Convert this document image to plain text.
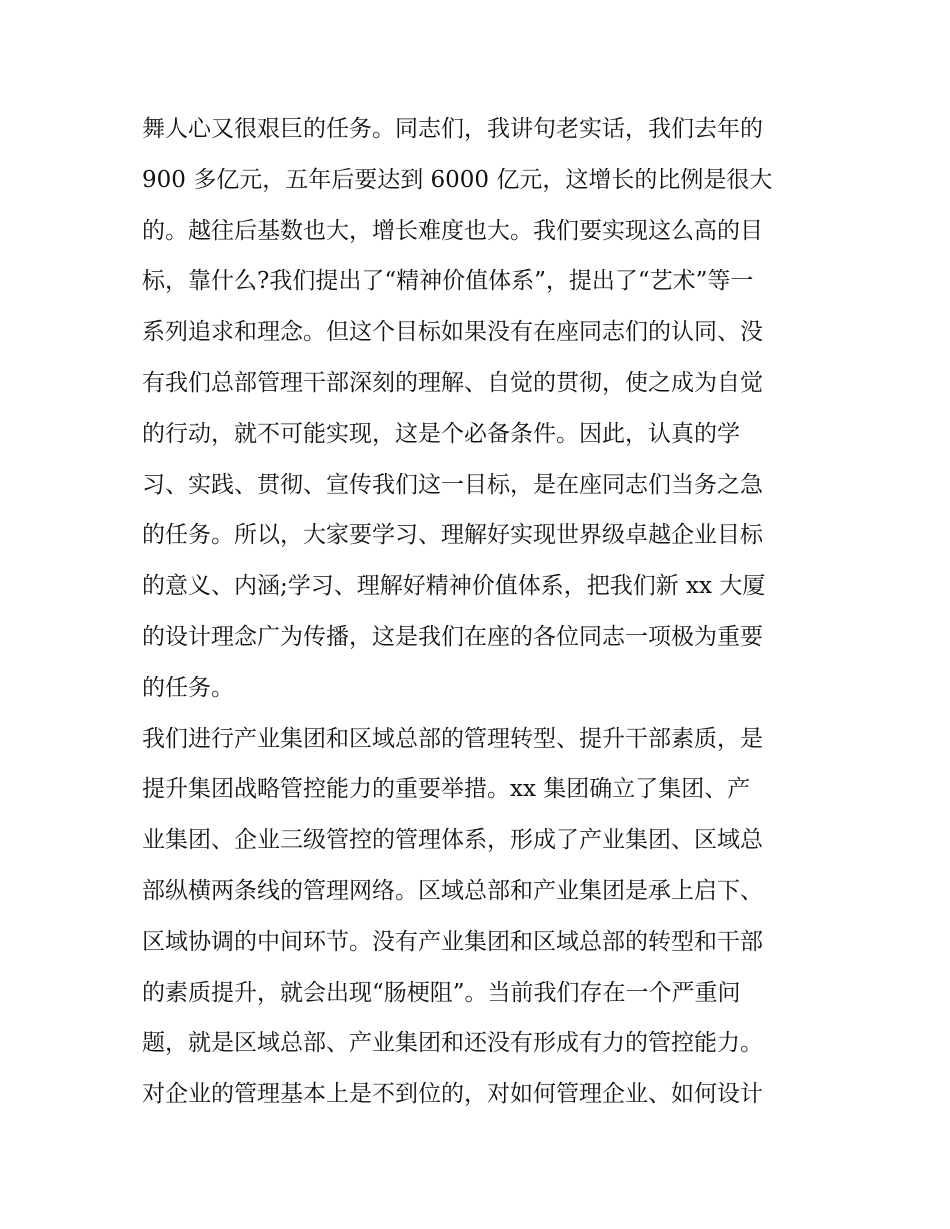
舞人心又很艰巨的任务。同志们，我讲句老实话，我们去年的
900 多亿元，五年后要达到 6000 亿元，这增长的比例是很大
的。越往后基数也大，增长难度也大。我们要实现这么高的目
标，靠什么?我们提出了“精神价值体系”，提出了“艺术”等一
系列追求和理念。但这个目标如果没有在座同志们的认同、没
有我们总部管理干部深刻的理解、自觉的贯彻，使之成为自觉
的行动，就不可能实现，这是个必备条件。因此，认真的学
习、实践、贯彻、宣传我们这一目标，是在座同志们当务之急
的任务。所以，大家要学习、理解好实现世界级卓越企业目标
的意义、内涵;学习、理解好精神价值体系，把我们新 xx 大厦
的设计理念广为传播，这是我们在座的各位同志一项极为重要
的任务。
我们进行产业集团和区域总部的管理转型、提升干部素质，是
提升集团战略管控能力的重要举措。xx 集团确立了集团、产
业集团、企业三级管控的管理体系，形成了产业集团、区域总
部纵横两条线的管理网络。区域总部和产业集团是承上启下、
区域协调的中间环节。没有产业集团和区域总部的转型和干部
的素质提升，就会出现“肠梗阻”。当前我们存在一个严重问
题，就是区域总部、产业集团和还没有形成有力的管控能力。
对企业的管理基本上是不到位的，对如何管理企业、如何设计
